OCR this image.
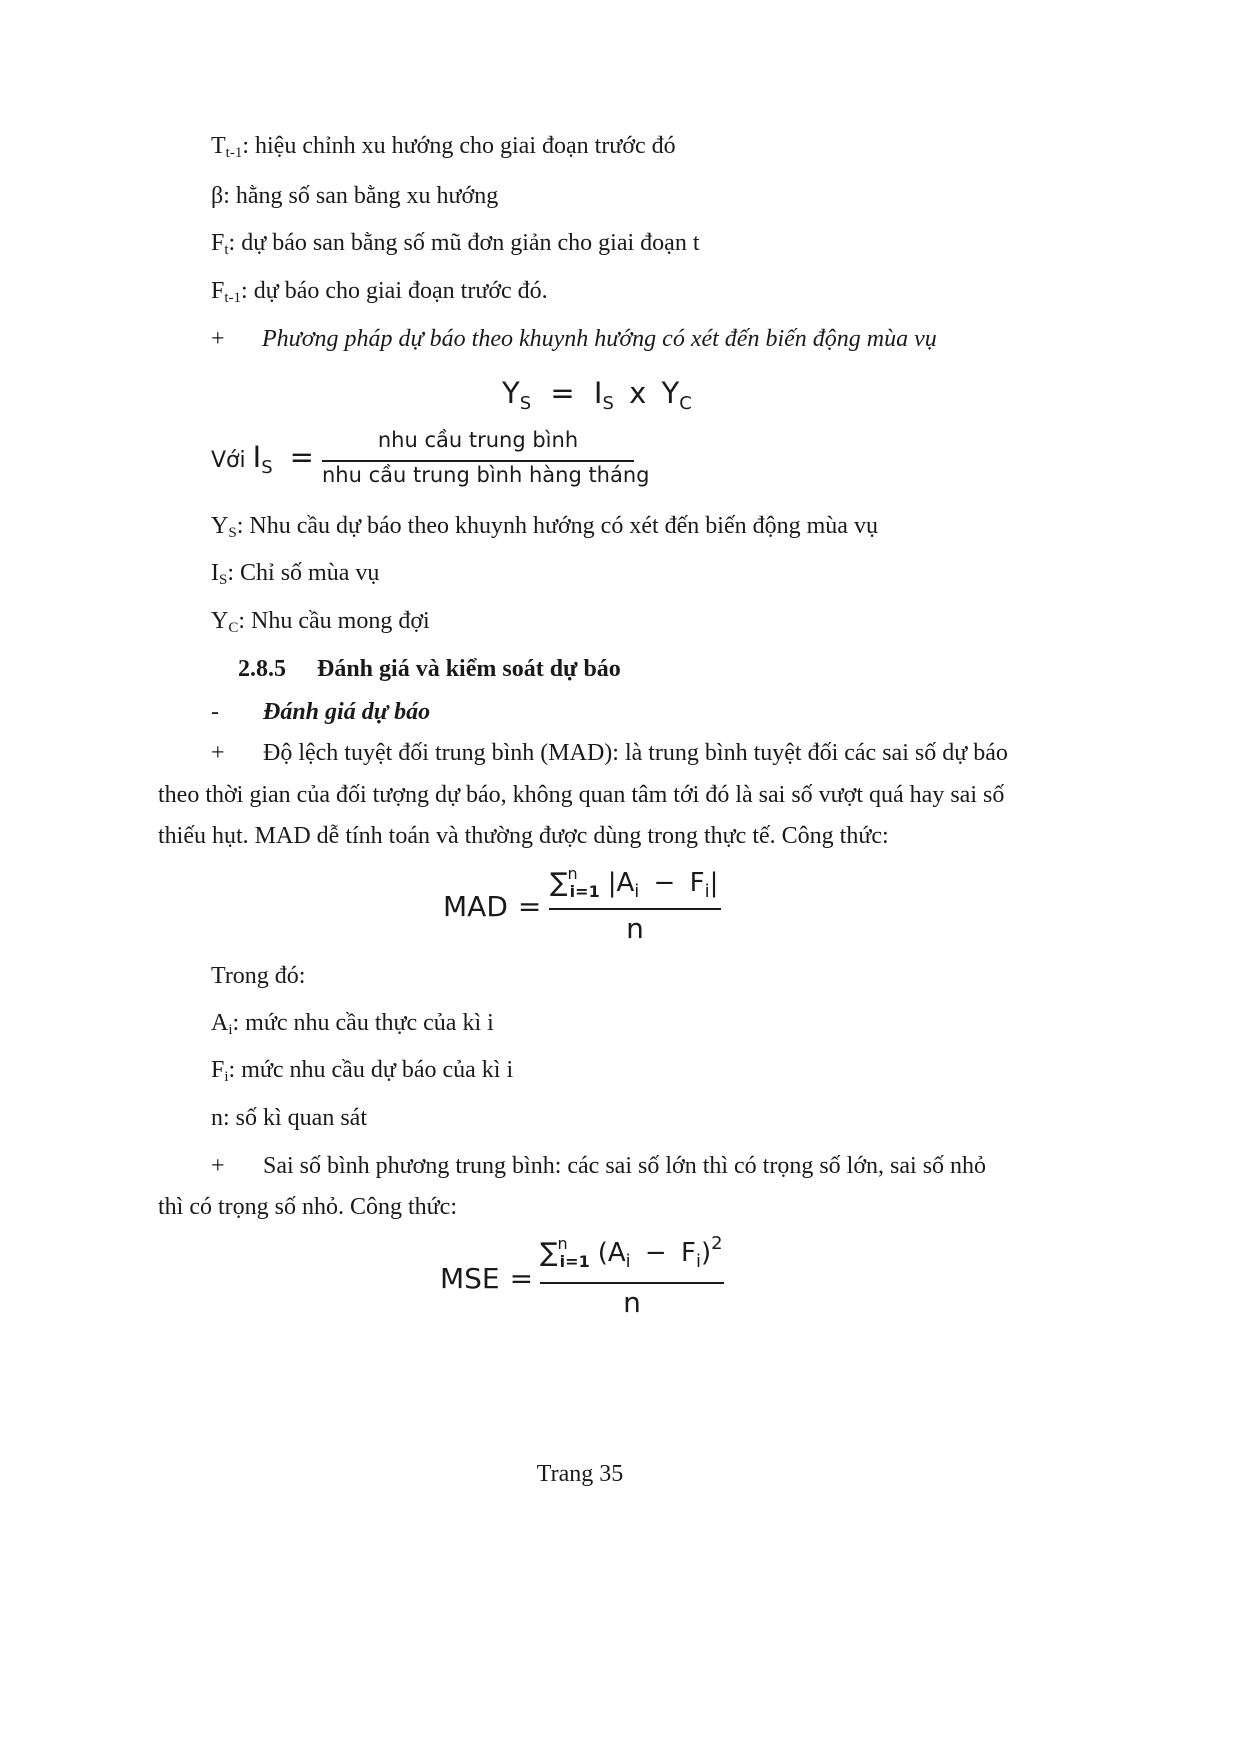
$T_{t-1}$: hiệu chỉnh xu hướng cho giai đoạn trước đó
β: hằng số san bằng xu hướng
$F_t$: dự báo san bằng số mũ đơn giản cho giai đoạn t
$F_{t-1}$: dự báo cho giai đoạn trước đó.
+ Phương pháp dự báo theo khuynh hướng có xét đến biến động mùa vụ
$Y_S = I_S$ x $Y_C$
Với $I_S$ =	nhu cầu trung bình
nhu cầu trung bình hàng tháng
$Y_S$: Nhu cầu dự báo theo khuynh hướng có xét đến biến động mùa vụ
$I_S$: Chỉ số mùa vụ
$Y_C$: Nhu cầu mong đợi
2.8.5 Đánh giá và kiểm soát dự báo
- Đánh giá dự báo
+ Độ lệch tuyệt đối trung bình (MAD): là trung bình tuyệt đối các sai số dự báo
theo thời gian của đối tượng dự báo, không quan tâm tới đó là sai số vượt quá hay sai số
thiếu hụt. MAD dễ tính toán và thường được dùng trong thực tế. Công thức:
MAD =
∑$^n_{i=1}$ $|A_i - F_i|$
n
Trong đó:
$A_i$: mức nhu cầu thực của kì i
$F_i$: mức nhu cầu dự báo của kì i
n: số kì quan sát
+ Sai số bình phương trung bình: các sai số lớn thì có trọng số lớn, sai số nhỏ
thì có trọng số nhỏ. Công thức:
MSE =
∑$^n_{i=1}$ $(A_i - F_i)^2$
n
Trang 35
